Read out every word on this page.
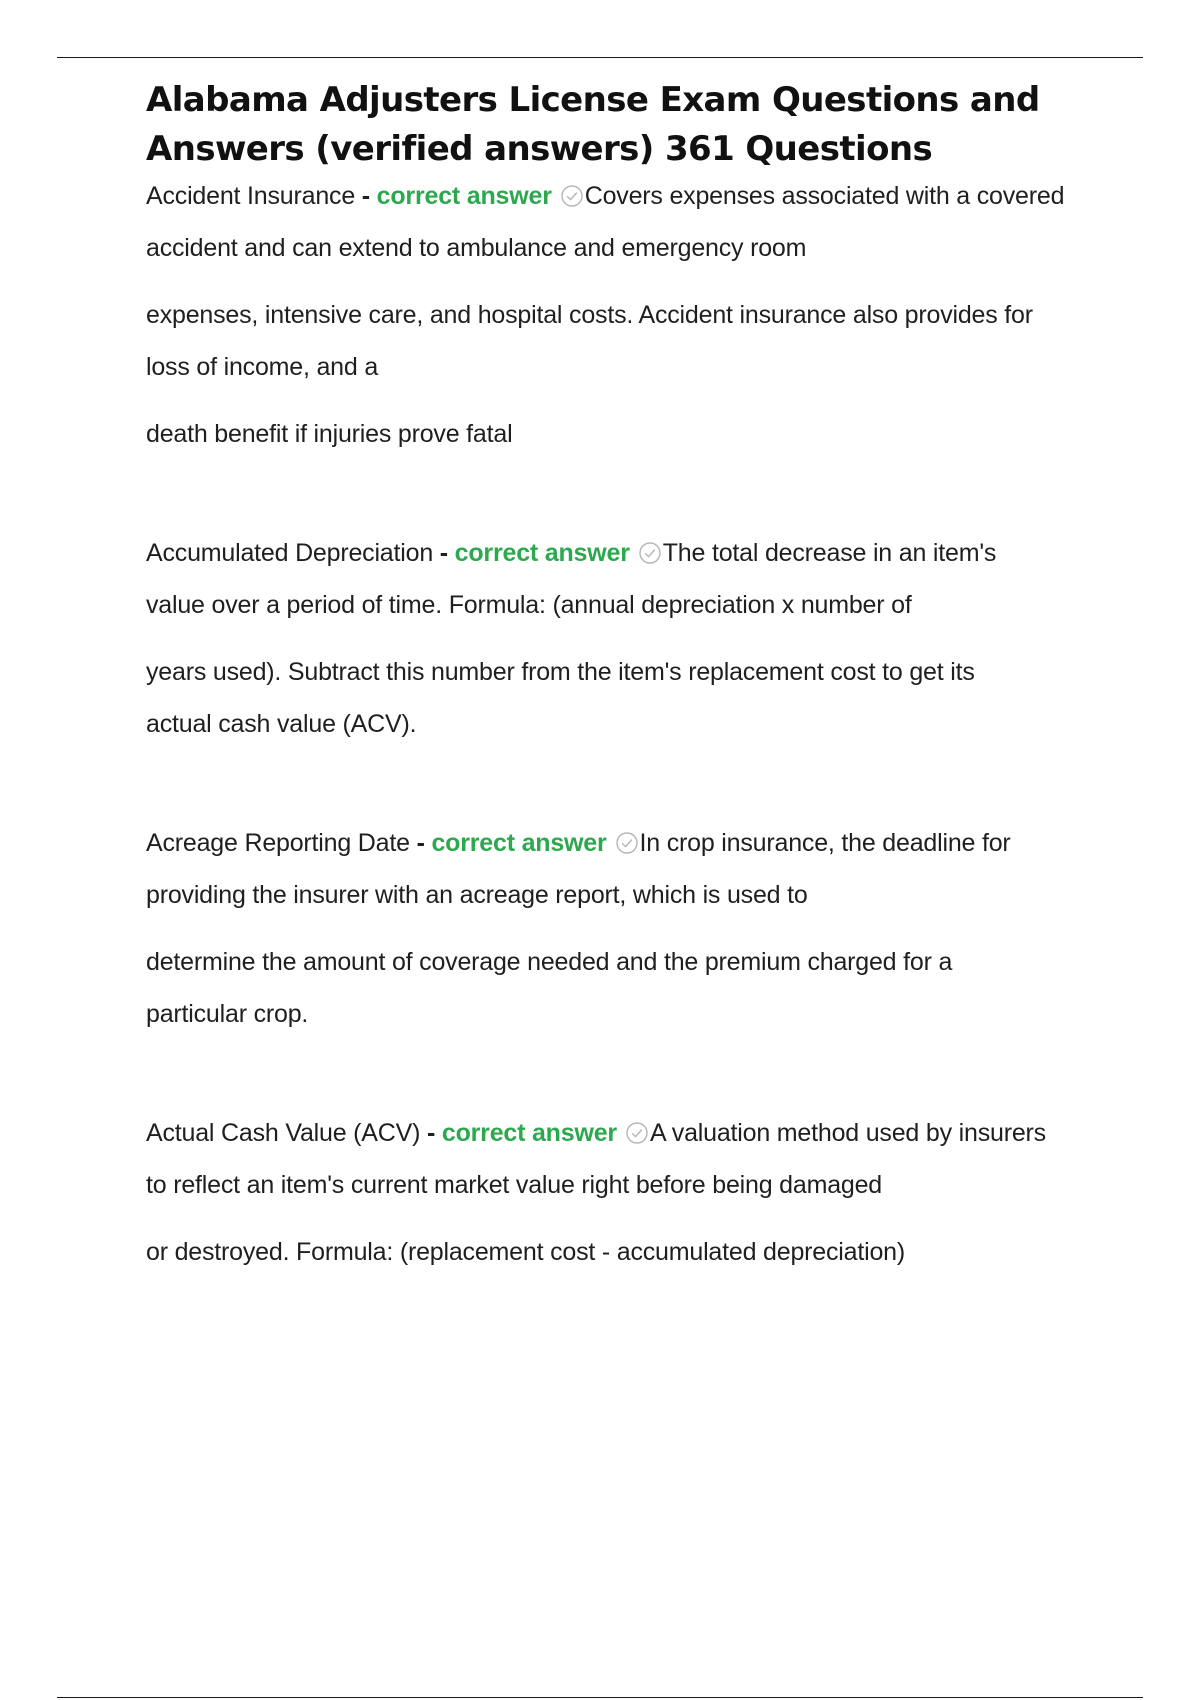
Alabama Adjusters License Exam Questions and
Answers (verified answers) 361 Questions
Accident Insurance - correct answer Covers expenses associated with a covered
accident and can extend to ambulance and emergency room
expenses, intensive care, and hospital costs. Accident insurance also provides for
loss of income, and a
death benefit if injuries prove fatal
Accumulated Depreciation - correct answer The total decrease in an item's
value over a period of time. Formula: (annual depreciation x number of
years used). Subtract this number from the item's replacement cost to get its
actual cash value (ACV).
Acreage Reporting Date - correct answer In crop insurance, the deadline for
providing the insurer with an acreage report, which is used to
determine the amount of coverage needed and the premium charged for a
particular crop.
Actual Cash Value (ACV) - correct answer A valuation method used by insurers
to reflect an item's current market value right before being damaged
or destroyed. Formula: (replacement cost - accumulated depreciation)
